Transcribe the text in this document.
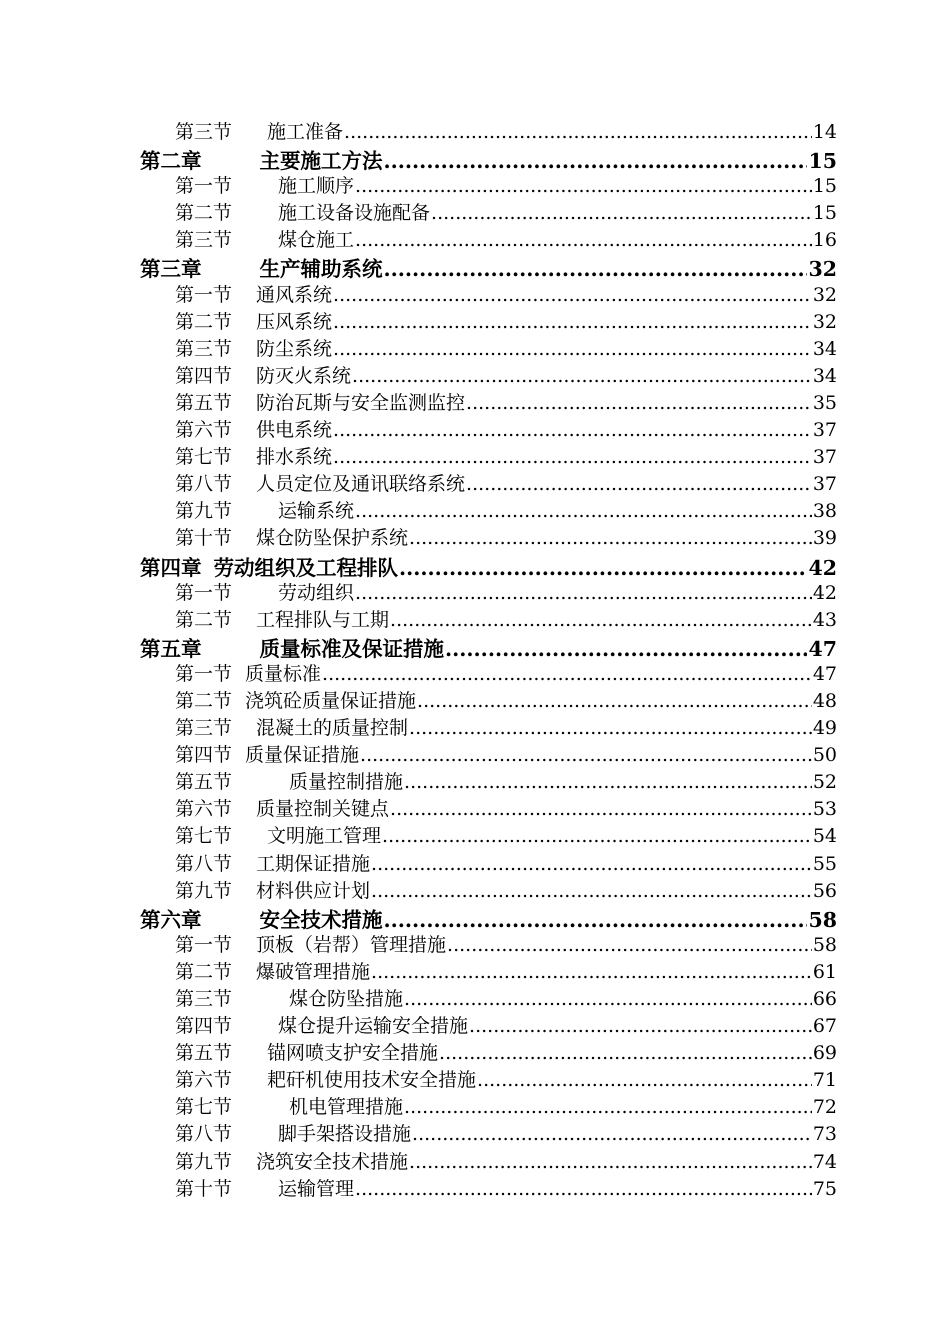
第三节 施工准备 .....	14
第二章	主要施工方法 .....	15
第一节 施工顺序 .....	15
第二节 施工设备设施配备 .....	15
第三节 煤仓施工 .....	16
第三章	生产辅助系统 .....	32
第一节 通风系统 .....	32
第二节 压风系统 .....	32
第三节 防尘系统 .....	34
第四节 防灭火系统 .....	34
第五节 防治瓦斯与安全监测监控 .....	35
第六节 供电系统 .....	37
第七节 排水系统 .....	37
第八节 人员定位及通讯联络系统 .....	37
第九节 运输系统 .....	38
第十节 煤仓防坠保护系统 .....	39
第四章 劳动组织及工程排队 .....	42
第一节 劳动组织 .....	42
第二节 工程排队与工期 .....	43
第五章	质量标准及保证措施 .....	47
第一节 质量标准 .....	47
第二节 浇筑砼质量保证措施 .....	48
第三节 混凝土的质量控制 .....	49
第四节 质量保证措施 .....	50
第五节	质量控制措施 .....	52
第六节 质量控制关键点 .....	53
第七节 文明施工管理 .....	54
第八节 工期保证措施 .....	55
第九节 材料供应计划 .....	56
第六章	安全技术措施 .....	58
第一节 顶板（岩帮）管理措施 .....	58
第二节 爆破管理措施 .....	61
第三节	煤仓防坠措施 .....	66
第四节 煤仓提升运输安全措施 .....	67
第五节 锚网喷支护安全措施 .....	69
第六节 耙矸机使用技术安全措施 .....	71
第七节	机电管理措施 .....	72
第八节 脚手架搭设措施 .....	73
第九节 浇筑安全技术措施 .....	74
第十节 运输管理 .....	75
